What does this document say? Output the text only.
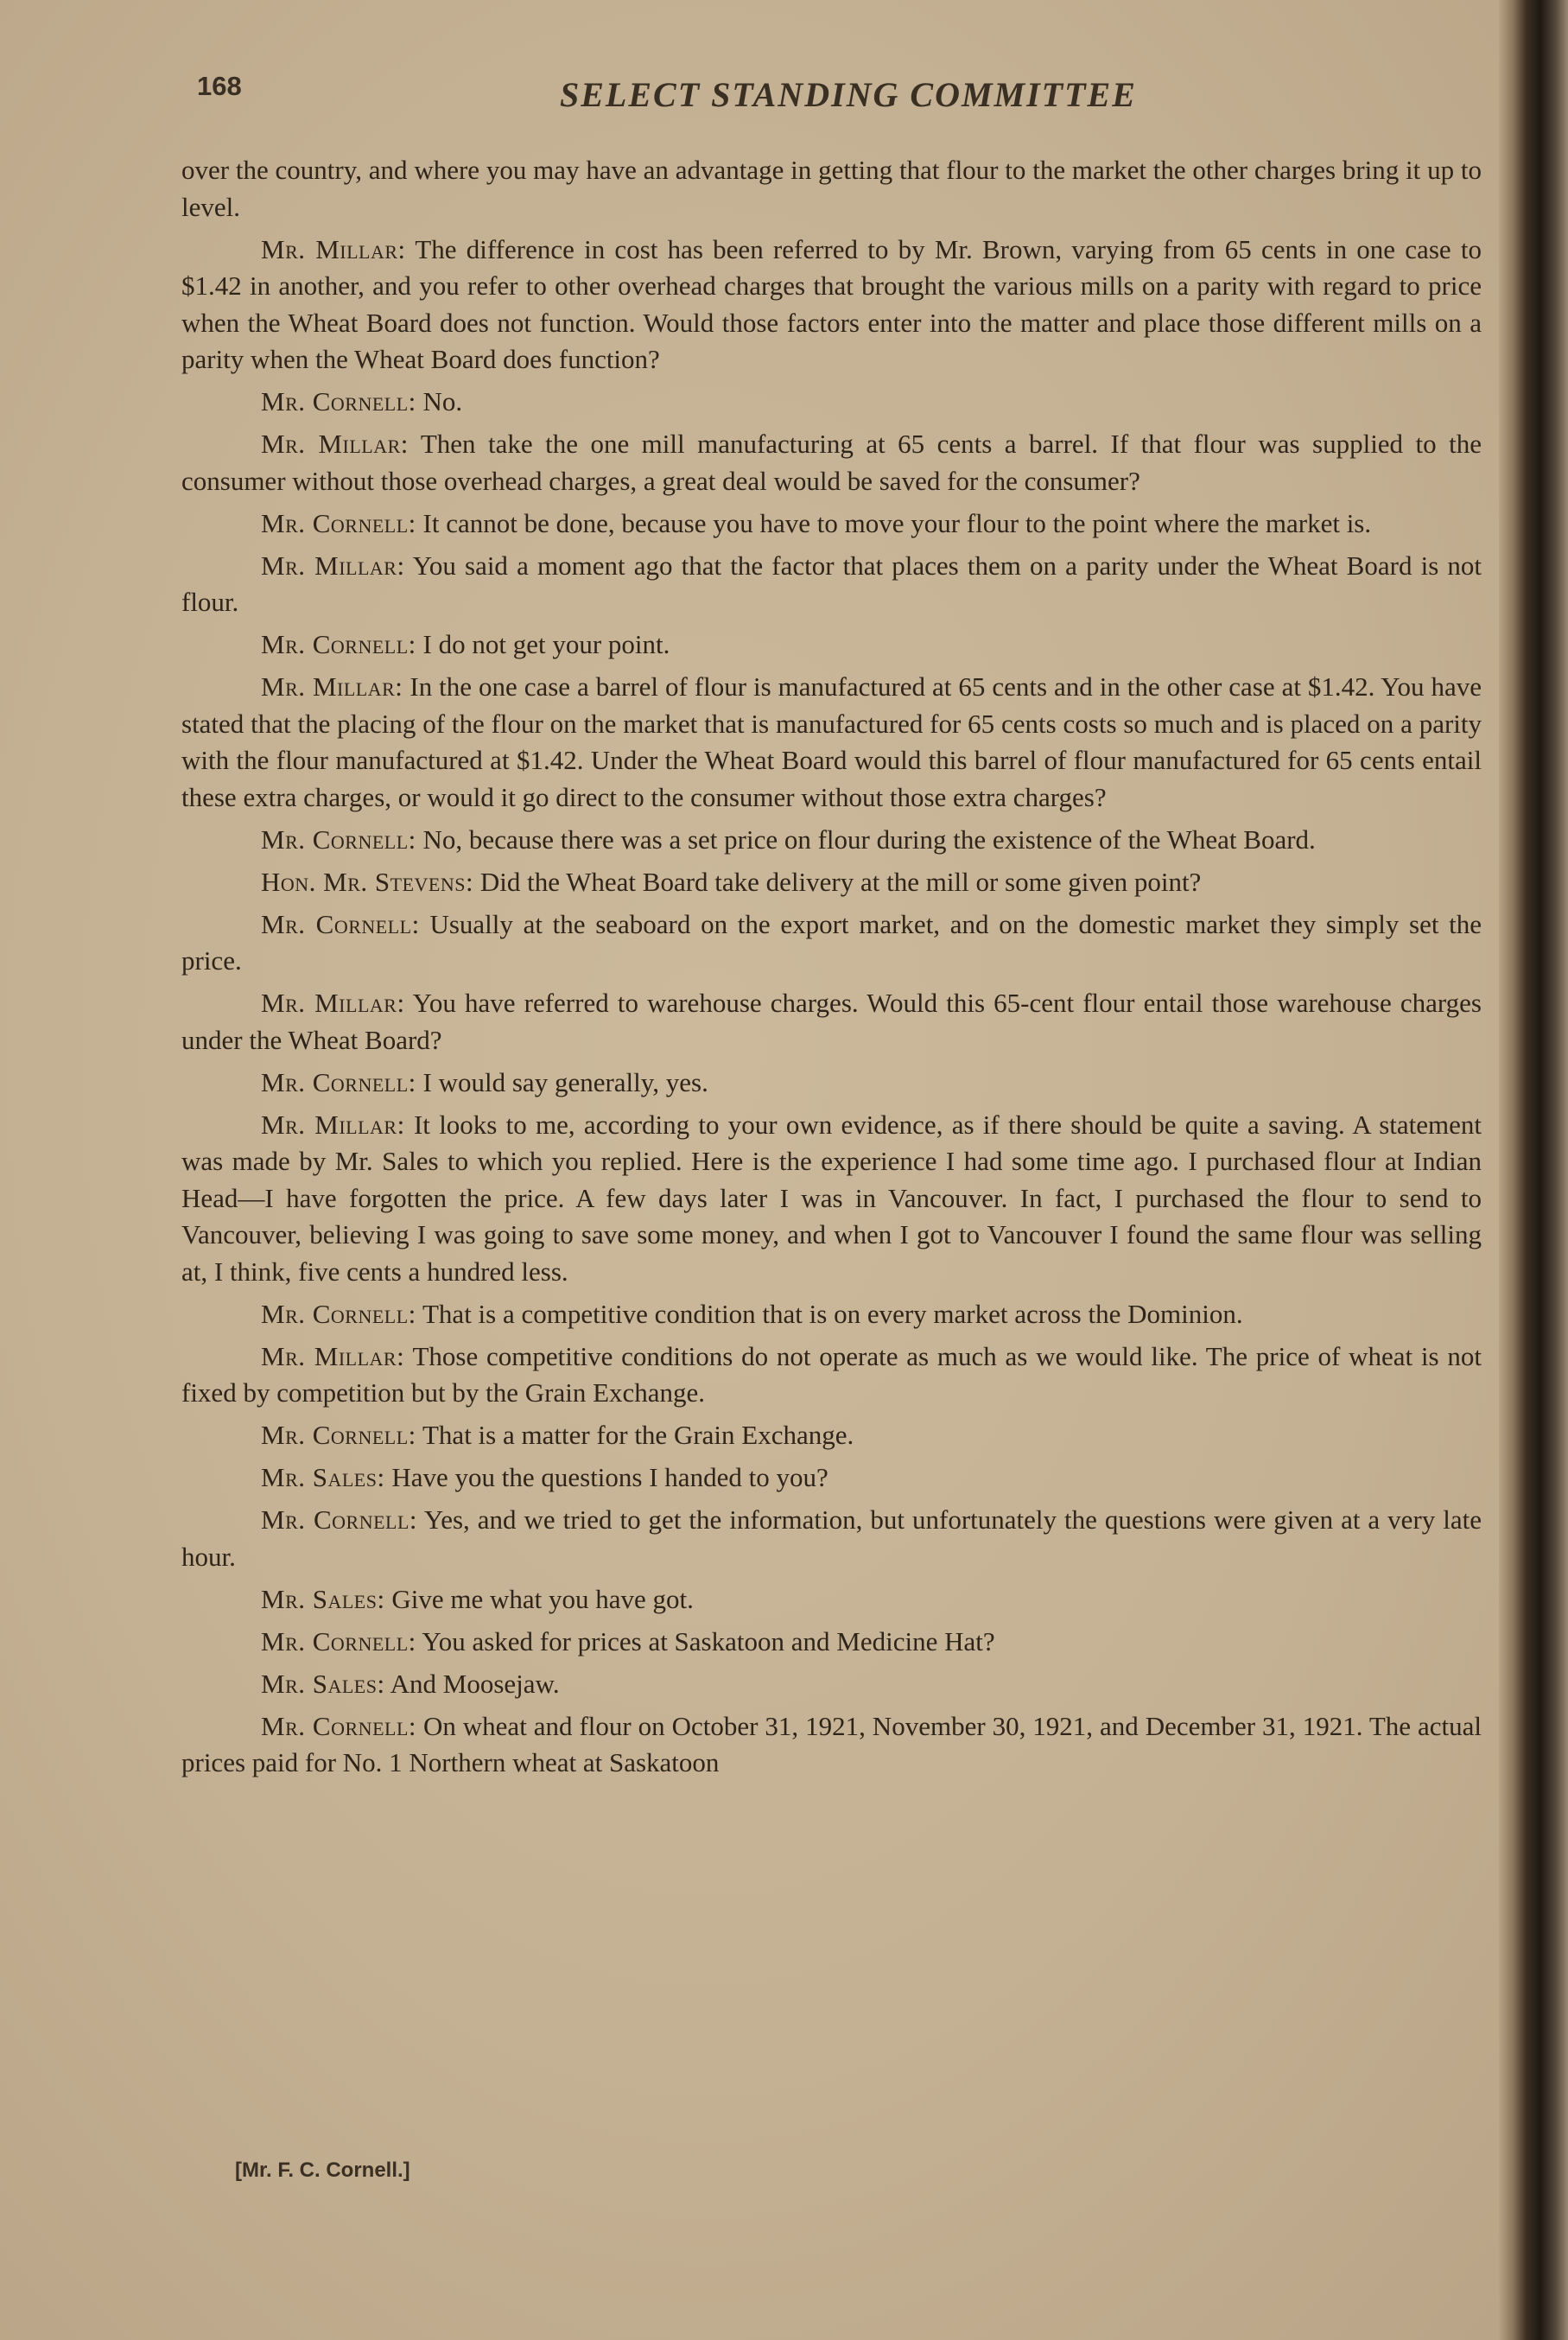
168	SELECT STANDING COMMITTEE

over the country, and where you may have an advantage in getting that flour to the market the other charges bring it up to level.

Mr. Millar: The difference in cost has been referred to by Mr. Brown, varying from 65 cents in one case to $1.42 in another, and you refer to other overhead charges that brought the various mills on a parity with regard to price when the Wheat Board does not function. Would those factors enter into the matter and place those different mills on a parity when the Wheat Board does function?

Mr. Cornell: No.

Mr. Millar: Then take the one mill manufacturing at 65 cents a barrel. If that flour was supplied to the consumer without those overhead charges, a great deal would be saved for the consumer?

Mr. Cornell: It cannot be done, because you have to move your flour to the point where the market is.

Mr. Millar: You said a moment ago that the factor that places them on a parity under the Wheat Board is not flour.

Mr. Cornell: I do not get your point.

Mr. Millar: In the one case a barrel of flour is manufactured at 65 cents and in the other case at $1.42. You have stated that the placing of the flour on the market that is manufactured for 65 cents costs so much and is placed on a parity with the flour manufactured at $1.42. Under the Wheat Board would this barrel of flour manufactured for 65 cents entail these extra charges, or would it go direct to the consumer without those extra charges?

Mr. Cornell: No, because there was a set price on flour during the existence of the Wheat Board.

Hon. Mr. Stevens: Did the Wheat Board take delivery at the mill or some given point?

Mr. Cornell: Usually at the seaboard on the export market, and on the domestic market they simply set the price.

Mr. Millar: You have referred to warehouse charges. Would this 65-cent flour entail those warehouse charges under the Wheat Board?

Mr. Cornell: I would say generally, yes.

Mr. Millar: It looks to me, according to your own evidence, as if there should be quite a saving. A statement was made by Mr. Sales to which you replied. Here is the experience I had some time ago. I purchased flour at Indian Head—I have forgotten the price. A few days later I was in Vancouver. In fact, I purchased the flour to send to Vancouver, believing I was going to save some money, and when I got to Vancouver I found the same flour was selling at, I think, five cents a hundred less.

Mr. Cornell: That is a competitive condition that is on every market across the Dominion.

Mr. Millar: Those competitive conditions do not operate as much as we would like. The price of wheat is not fixed by competition but by the Grain Exchange.

Mr. Cornell: That is a matter for the Grain Exchange.

Mr. Sales: Have you the questions I handed to you?

Mr. Cornell: Yes, and we tried to get the information, but unfortunately the questions were given at a very late hour.

Mr. Sales: Give me what you have got.

Mr. Cornell: You asked for prices at Saskatoon and Medicine Hat?

Mr. Sales: And Moosejaw.

Mr. Cornell: On wheat and flour on October 31, 1921, November 30, 1921, and December 31, 1921. The actual prices paid for No. 1 Northern wheat at Saskatoon

[Mr. F. C. Cornell.]
